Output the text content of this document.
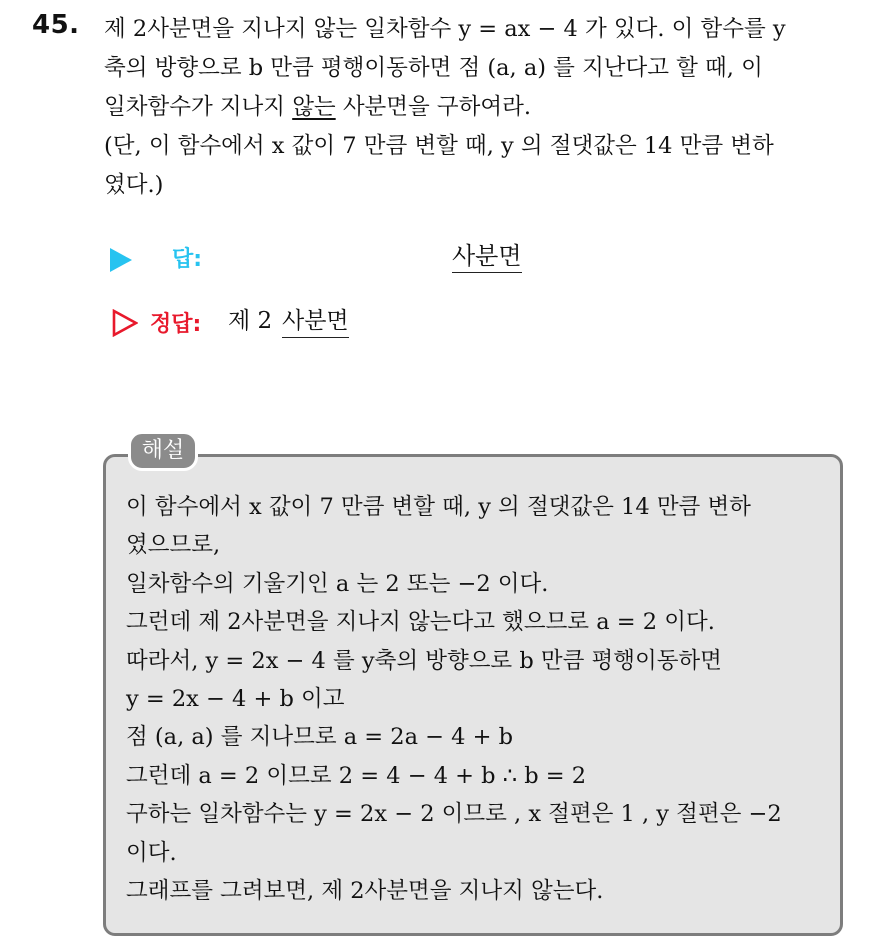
45. 제 2사분면을 지나지 않는 일차함수 y = ax − 4 가 있다. 이 함수를 y
축의 방향으로 b 만큼 평행이동하면 점 (a, a) 를 지난다고 할 때, 이
일차함수가 지나지 않는 사분면을 구하여라.
(단, 이 함수에서 x 값이 7 만큼 변할 때, y 의 절댓값은 14 만큼 변하
였다.)
답:	사분면
정답: 제 2 사분면
해설
이 함수에서 x 값이 7 만큼 변할 때, y 의 절댓값은 14 만큼 변하
였으므로,
일차함수의 기울기인 a 는 2 또는 −2 이다.
그런데 제 2사분면을 지나지 않는다고 했으므로 a = 2 이다.
따라서, y = 2x − 4 를 y축의 방향으로 b 만큼 평행이동하면
y = 2x − 4 + b 이고
점 (a, a) 를 지나므로 a = 2a − 4 + b
그런데 a = 2 이므로 2 = 4 − 4 + b ∴ b = 2
구하는 일차함수는 y = 2x − 2 이므로 , x 절편은 1 , y 절편은 −2
이다.
그래프를 그려보면, 제 2사분면을 지나지 않는다.
